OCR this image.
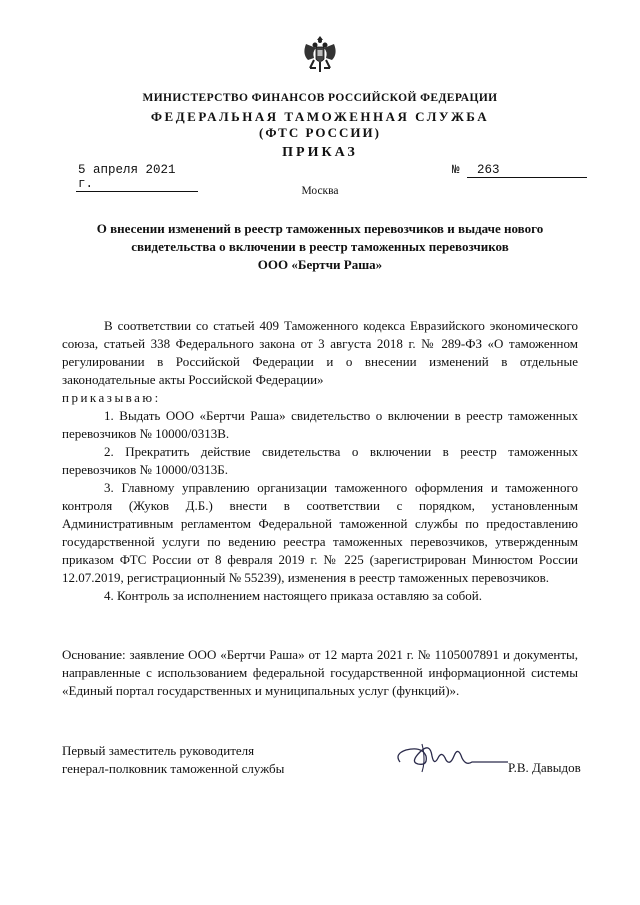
МИНИСТЕРСТВО ФИНАНСОВ РОССИЙСКОЙ ФЕДЕРАЦИИ
ФЕДЕРАЛЬНАЯ ТАМОЖЕННАЯ СЛУЖБА
(ФТС РОССИИ)
ПРИКАЗ
5 апреля 2021 г.
№ 263
Москва
О внесении изменений в реестр таможенных перевозчиков и выдаче нового
свидетельства о включении в реестр таможенных перевозчиков
ООО «Бертчи Раша»

В соответствии со статьей 409 Таможенного кодекса Евразийского экономического союза, статьей 338 Федерального закона от 3 августа 2018 г. № 289-ФЗ «О таможенном регулировании в Российской Федерации и о внесении изменений в отдельные законодательные акты Российской Федерации»

приказываю:

1. Выдать ООО «Бертчи Раша» свидетельство о включении в реестр таможенных перевозчиков № 10000/0313В.

2. Прекратить действие свидетельства о включении в реестр таможенных перевозчиков № 10000/0313Б.

3. Главному управлению организации таможенного оформления и таможенного контроля (Жуков Д.Б.) внести в соответствии с порядком, установленным Административным регламентом Федеральной таможенной службы по предоставлению государственной услуги по ведению реестра таможенных перевозчиков, утвержденным приказом ФТС России от 8 февраля 2019 г. № 225 (зарегистрирован Минюстом России 12.07.2019, регистрационный № 55239), изменения в реестр таможенных перевозчиков.

4. Контроль за исполнением настоящего приказа оставляю за собой.

Основание: заявление ООО «Бертчи Раша» от 12 марта 2021 г. № 1105007891 и документы, направленные с использованием федеральной государственной информационной системы «Единый портал государственных и муниципальных услуг (функций)».

Первый заместитель руководителя
генерал-полковник таможенной службы	Р.В. Давыдов
